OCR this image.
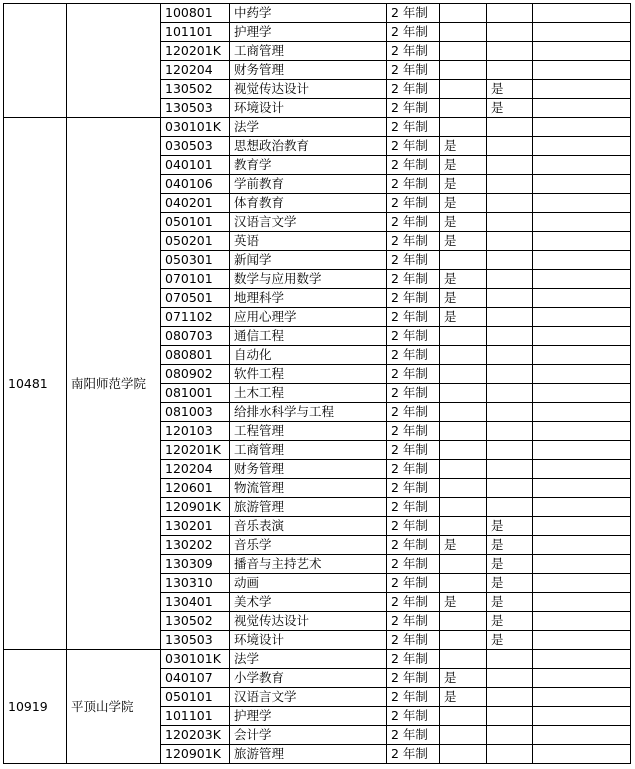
		100801	中药学	2 年制			
		101101	护理学	2 年制			
		120201K	工商管理	2 年制			
		120204	财务管理	2 年制			
		130502	视觉传达设计	2 年制		是	
		130503	环境设计	2 年制		是	
10481	南阳师范学院	030101K	法学	2 年制			
		030503	思想政治教育	2 年制	是		
		040101	教育学	2 年制	是		
		040106	学前教育	2 年制	是		
		040201	体育教育	2 年制	是		
		050101	汉语言文学	2 年制	是		
		050201	英语	2 年制	是		
		050301	新闻学	2 年制			
		070101	数学与应用数学	2 年制	是		
		070501	地理科学	2 年制	是		
		071102	应用心理学	2 年制	是		
		080703	通信工程	2 年制			
		080801	自动化	2 年制			
		080902	软件工程	2 年制			
		081001	土木工程	2 年制			
		081003	给排水科学与工程	2 年制			
		120103	工程管理	2 年制			
		120201K	工商管理	2 年制			
		120204	财务管理	2 年制			
		120601	物流管理	2 年制			
		120901K	旅游管理	2 年制			
		130201	音乐表演	2 年制		是	
		130202	音乐学	2 年制	是	是	
		130309	播音与主持艺术	2 年制		是	
		130310	动画	2 年制		是	
		130401	美术学	2 年制	是	是	
		130502	视觉传达设计	2 年制		是	
		130503	环境设计	2 年制		是	
10919	平顶山学院	030101K	法学	2 年制			
		040107	小学教育	2 年制	是		
		050101	汉语言文学	2 年制	是		
		101101	护理学	2 年制			
		120203K	会计学	2 年制			
		120901K	旅游管理	2 年制			
